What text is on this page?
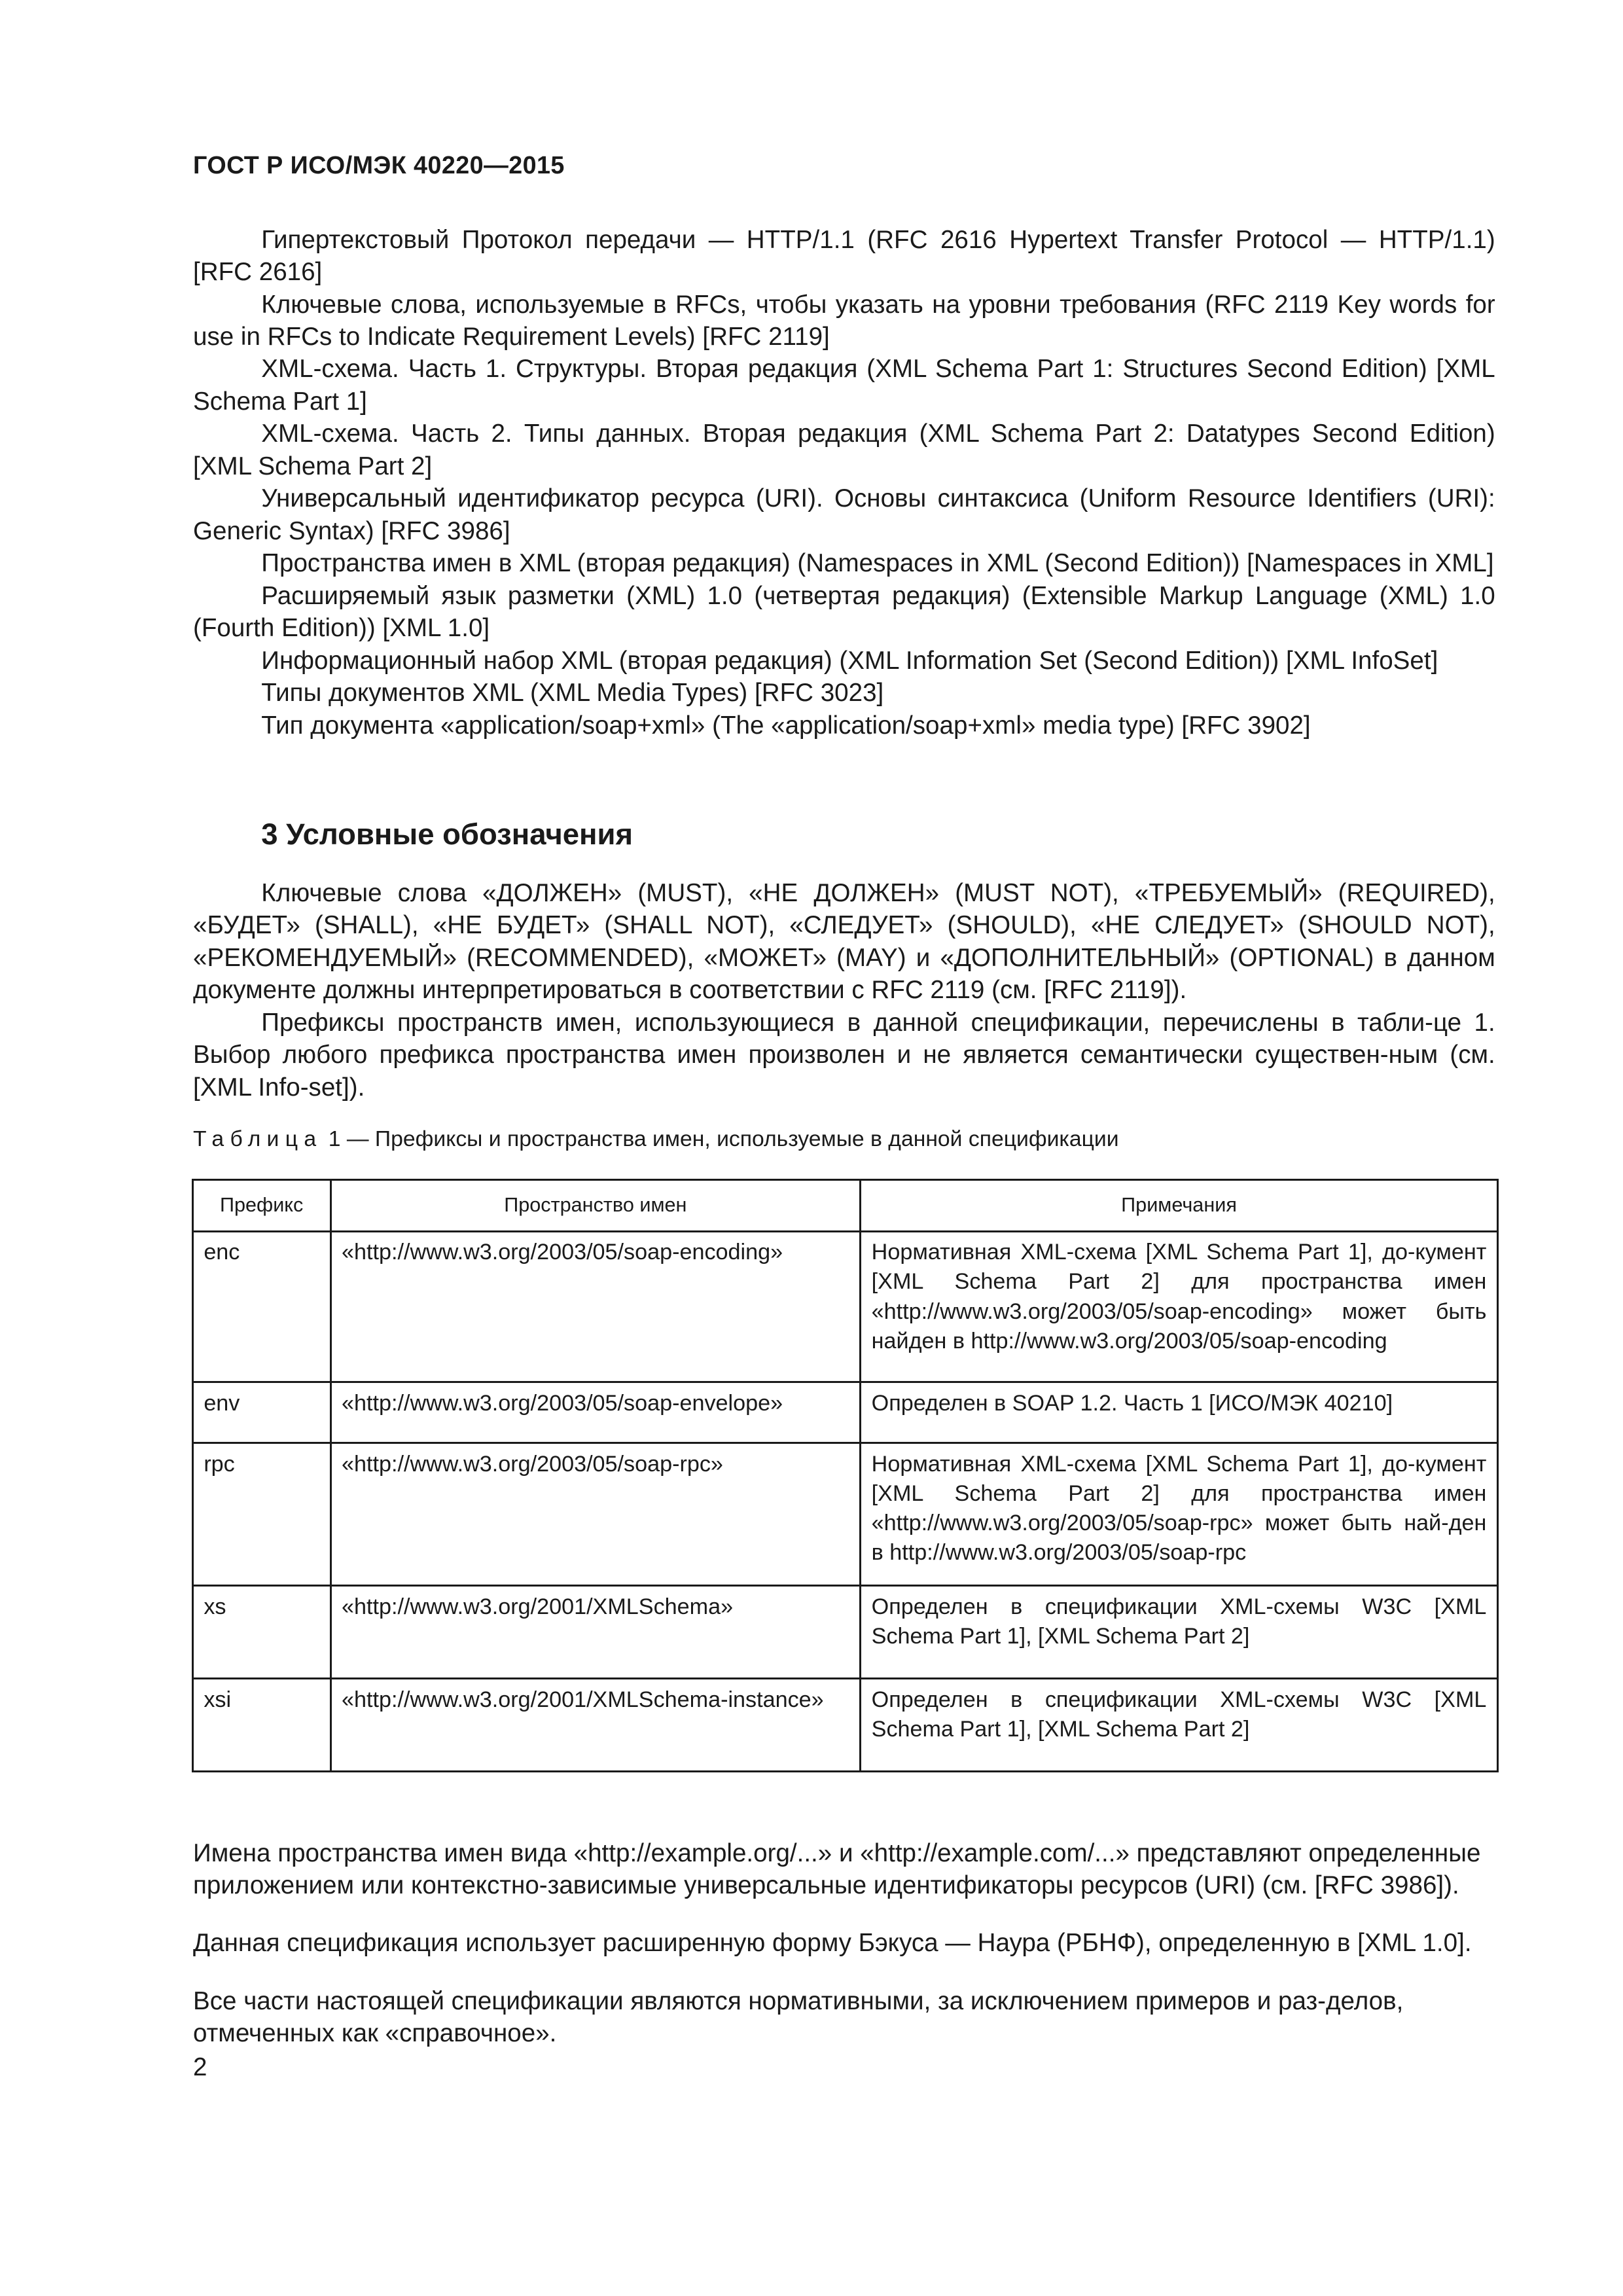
ГОСТ Р ИСО/МЭК 40220—2015

Гипертекстовый Протокол передачи — HTTP/1.1 (RFC 2616 Hypertext Transfer Protocol — HTTP/1.1) [RFC 2616]

Ключевые слова, используемые в RFCs, чтобы указать на уровни требования (RFC 2119 Key words for use in RFCs to Indicate Requirement Levels) [RFC 2119]

XML-схема. Часть 1. Структуры. Вторая редакция (XML Schema Part 1: Structures Second Edition) [XML Schema Part 1]

XML-схема. Часть 2. Типы данных. Вторая редакция (XML Schema Part 2: Datatypes Second Edition) [XML Schema Part 2]

Универсальный идентификатор ресурса (URI). Основы синтаксиса (Uniform Resource Identifiers (URI): Generic Syntax) [RFC 3986]

Пространства имен в XML (вторая редакция) (Namespaces in XML (Second Edition)) [Namespaces in XML]

Расширяемый язык разметки (XML) 1.0 (четвертая редакция) (Extensible Markup Language (XML) 1.0 (Fourth Edition)) [XML 1.0]

Информационный набор XML (вторая редакция) (XML Information Set (Second Edition)) [XML InfoSet]

Типы документов XML (XML Media Types) [RFC 3023]

Тип документа «application/soap+xml» (The «application/soap+xml» media type) [RFC 3902]

3 Условные обозначения

Ключевые слова «ДОЛЖЕН» (MUST), «НЕ ДОЛЖЕН» (MUST NOT), «ТРЕБУЕМЫЙ» (REQUIRED), «БУДЕТ» (SHALL), «НЕ БУДЕТ» (SHALL NOT), «СЛЕДУЕТ» (SHOULD), «НЕ СЛЕДУЕТ» (SHOULD NOT), «РЕКОМЕНДУЕМЫЙ» (RECOMMENDED), «МОЖЕТ» (MAY) и «ДОПОЛНИТЕЛЬНЫЙ» (OPTIONAL) в данном документе должны интерпретироваться в соответствии с RFC 2119 (см. [RFC 2119]).

Префиксы пространств имен, использующиеся в данной спецификации, перечислены в табли-це 1. Выбор любого префикса пространства имен произволен и не является семантически существен-ным (см. [XML Info-set]).

Таблица 1 — Префиксы и пространства имен, используемые в данной спецификации
Префикс	Пространство имен	Примечания
enc	«http://www.w3.org/2003/05/soap-encoding»	Нормативная XML-схема [XML Schema Part 1], до-кумент [XML Schema Part 2] для пространства имен «http://www.w3.org/2003/05/soap-encoding» может быть найден в http://www.w3.org/2003/05/soap-encoding
env	«http://www.w3.org/2003/05/soap-envelope»	Определен в SOAP 1.2. Часть 1 [ИСО/МЭК 40210]
rpc	«http://www.w3.org/2003/05/soap-rpc»	Нормативная XML-схема [XML Schema Part 1], до-кумент [XML Schema Part 2] для пространства имен «http://www.w3.org/2003/05/soap-rpc» может быть най-ден в http://www.w3.org/2003/05/soap-rpc
xs	«http://www.w3.org/2001/XMLSchema»	Определен в спецификации XML-схемы W3C [XML Schema Part 1], [XML Schema Part 2]
xsi	«http://www.w3.org/2001/XMLSchema-instance»	Определен в спецификации XML-схемы W3C [XML Schema Part 1], [XML Schema Part 2]

Имена пространства имен вида «http://example.org/...» и «http://example.com/...» представляют определенные приложением или контекстно-зависимые универсальные идентификаторы ресурсов (URI) (см. [RFC 3986]).

Данная спецификация использует расширенную форму Бэкуса — Наура (РБНФ), определенную в [XML 1.0].

Все части настоящей спецификации являются нормативными, за исключением примеров и раз-делов, отмеченных как «справочное».

2
